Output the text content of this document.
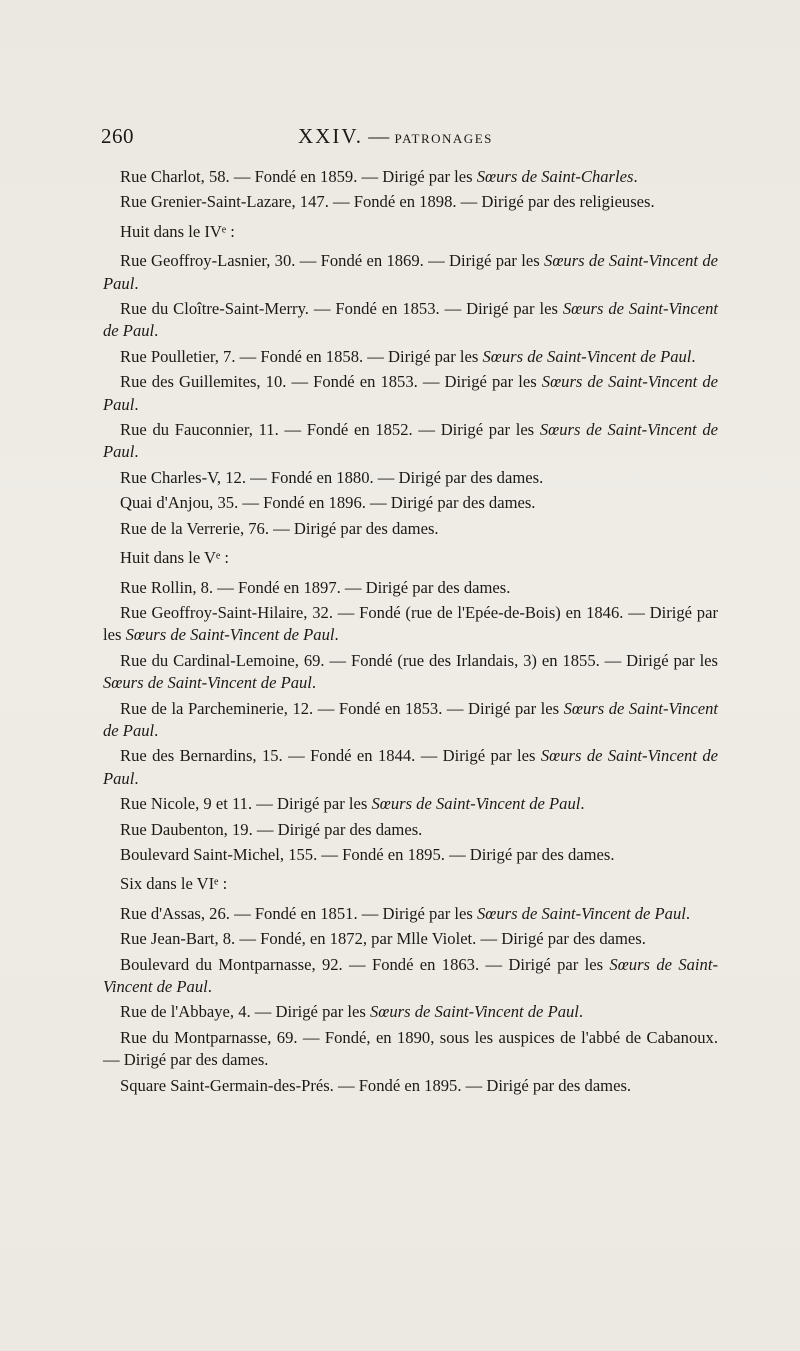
260	XXIV. — PATRONAGES

Rue Charlot, 58. — Fondé en 1859. — Dirigé par les Sœurs de Saint-Charles.

Rue Grenier-Saint-Lazare, 147. — Fondé en 1898. — Dirigé par des religieuses.

Huit dans le IVᵉ :

Rue Geoffroy-Lasnier, 30. — Fondé en 1869. — Dirigé par les Sœurs de Saint-Vincent de Paul.

Rue du Cloître-Saint-Merry. — Fondé en 1853. — Dirigé par les Sœurs de Saint-Vincent de Paul.

Rue Poulletier, 7. — Fondé en 1858. — Dirigé par les Sœurs de Saint-Vincent de Paul.

Rue des Guillemites, 10. — Fondé en 1853. — Dirigé par les Sœurs de Saint-Vincent de Paul.

Rue du Fauconnier, 11. — Fondé en 1852. — Dirigé par les Sœurs de Saint-Vincent de Paul.

Rue Charles-V, 12. — Fondé en 1880. — Dirigé par des dames.

Quai d'Anjou, 35. — Fondé en 1896. — Dirigé par des dames.

Rue de la Verrerie, 76. — Dirigé par des dames.

Huit dans le Vᵉ :

Rue Rollin, 8. — Fondé en 1897. — Dirigé par des dames.

Rue Geoffroy-Saint-Hilaire, 32. — Fondé (rue de l'Epée-de-Bois) en 1846. — Dirigé par les Sœurs de Saint-Vincent de Paul.

Rue du Cardinal-Lemoine, 69. — Fondé (rue des Irlandais, 3) en 1855. — Dirigé par les Sœurs de Saint-Vincent de Paul.

Rue de la Parcheminerie, 12. — Fondé en 1853. — Dirigé par les Sœurs de Saint-Vincent de Paul.

Rue des Bernardins, 15. — Fondé en 1844. — Dirigé par les Sœurs de Saint-Vincent de Paul.

Rue Nicole, 9 et 11. — Dirigé par les Sœurs de Saint-Vincent de Paul.

Rue Daubenton, 19. — Dirigé par des dames.

Boulevard Saint-Michel, 155. — Fondé en 1895. — Dirigé par des dames.

Six dans le VIᵉ :

Rue d'Assas, 26. — Fondé en 1851. — Dirigé par les Sœurs de Saint-Vincent de Paul.

Rue Jean-Bart, 8. — Fondé, en 1872, par Mlle Violet. — Dirigé par des dames.

Boulevard du Montparnasse, 92. — Fondé en 1863. — Dirigé par les Sœurs de Saint-Vincent de Paul.

Rue de l'Abbaye, 4. — Dirigé par les Sœurs de Saint-Vincent de Paul.

Rue du Montparnasse, 69. — Fondé, en 1890, sous les auspices de l'abbé de Cabanoux. — Dirigé par des dames.

Square Saint-Germain-des-Prés. — Fondé en 1895. — Dirigé par des dames.
